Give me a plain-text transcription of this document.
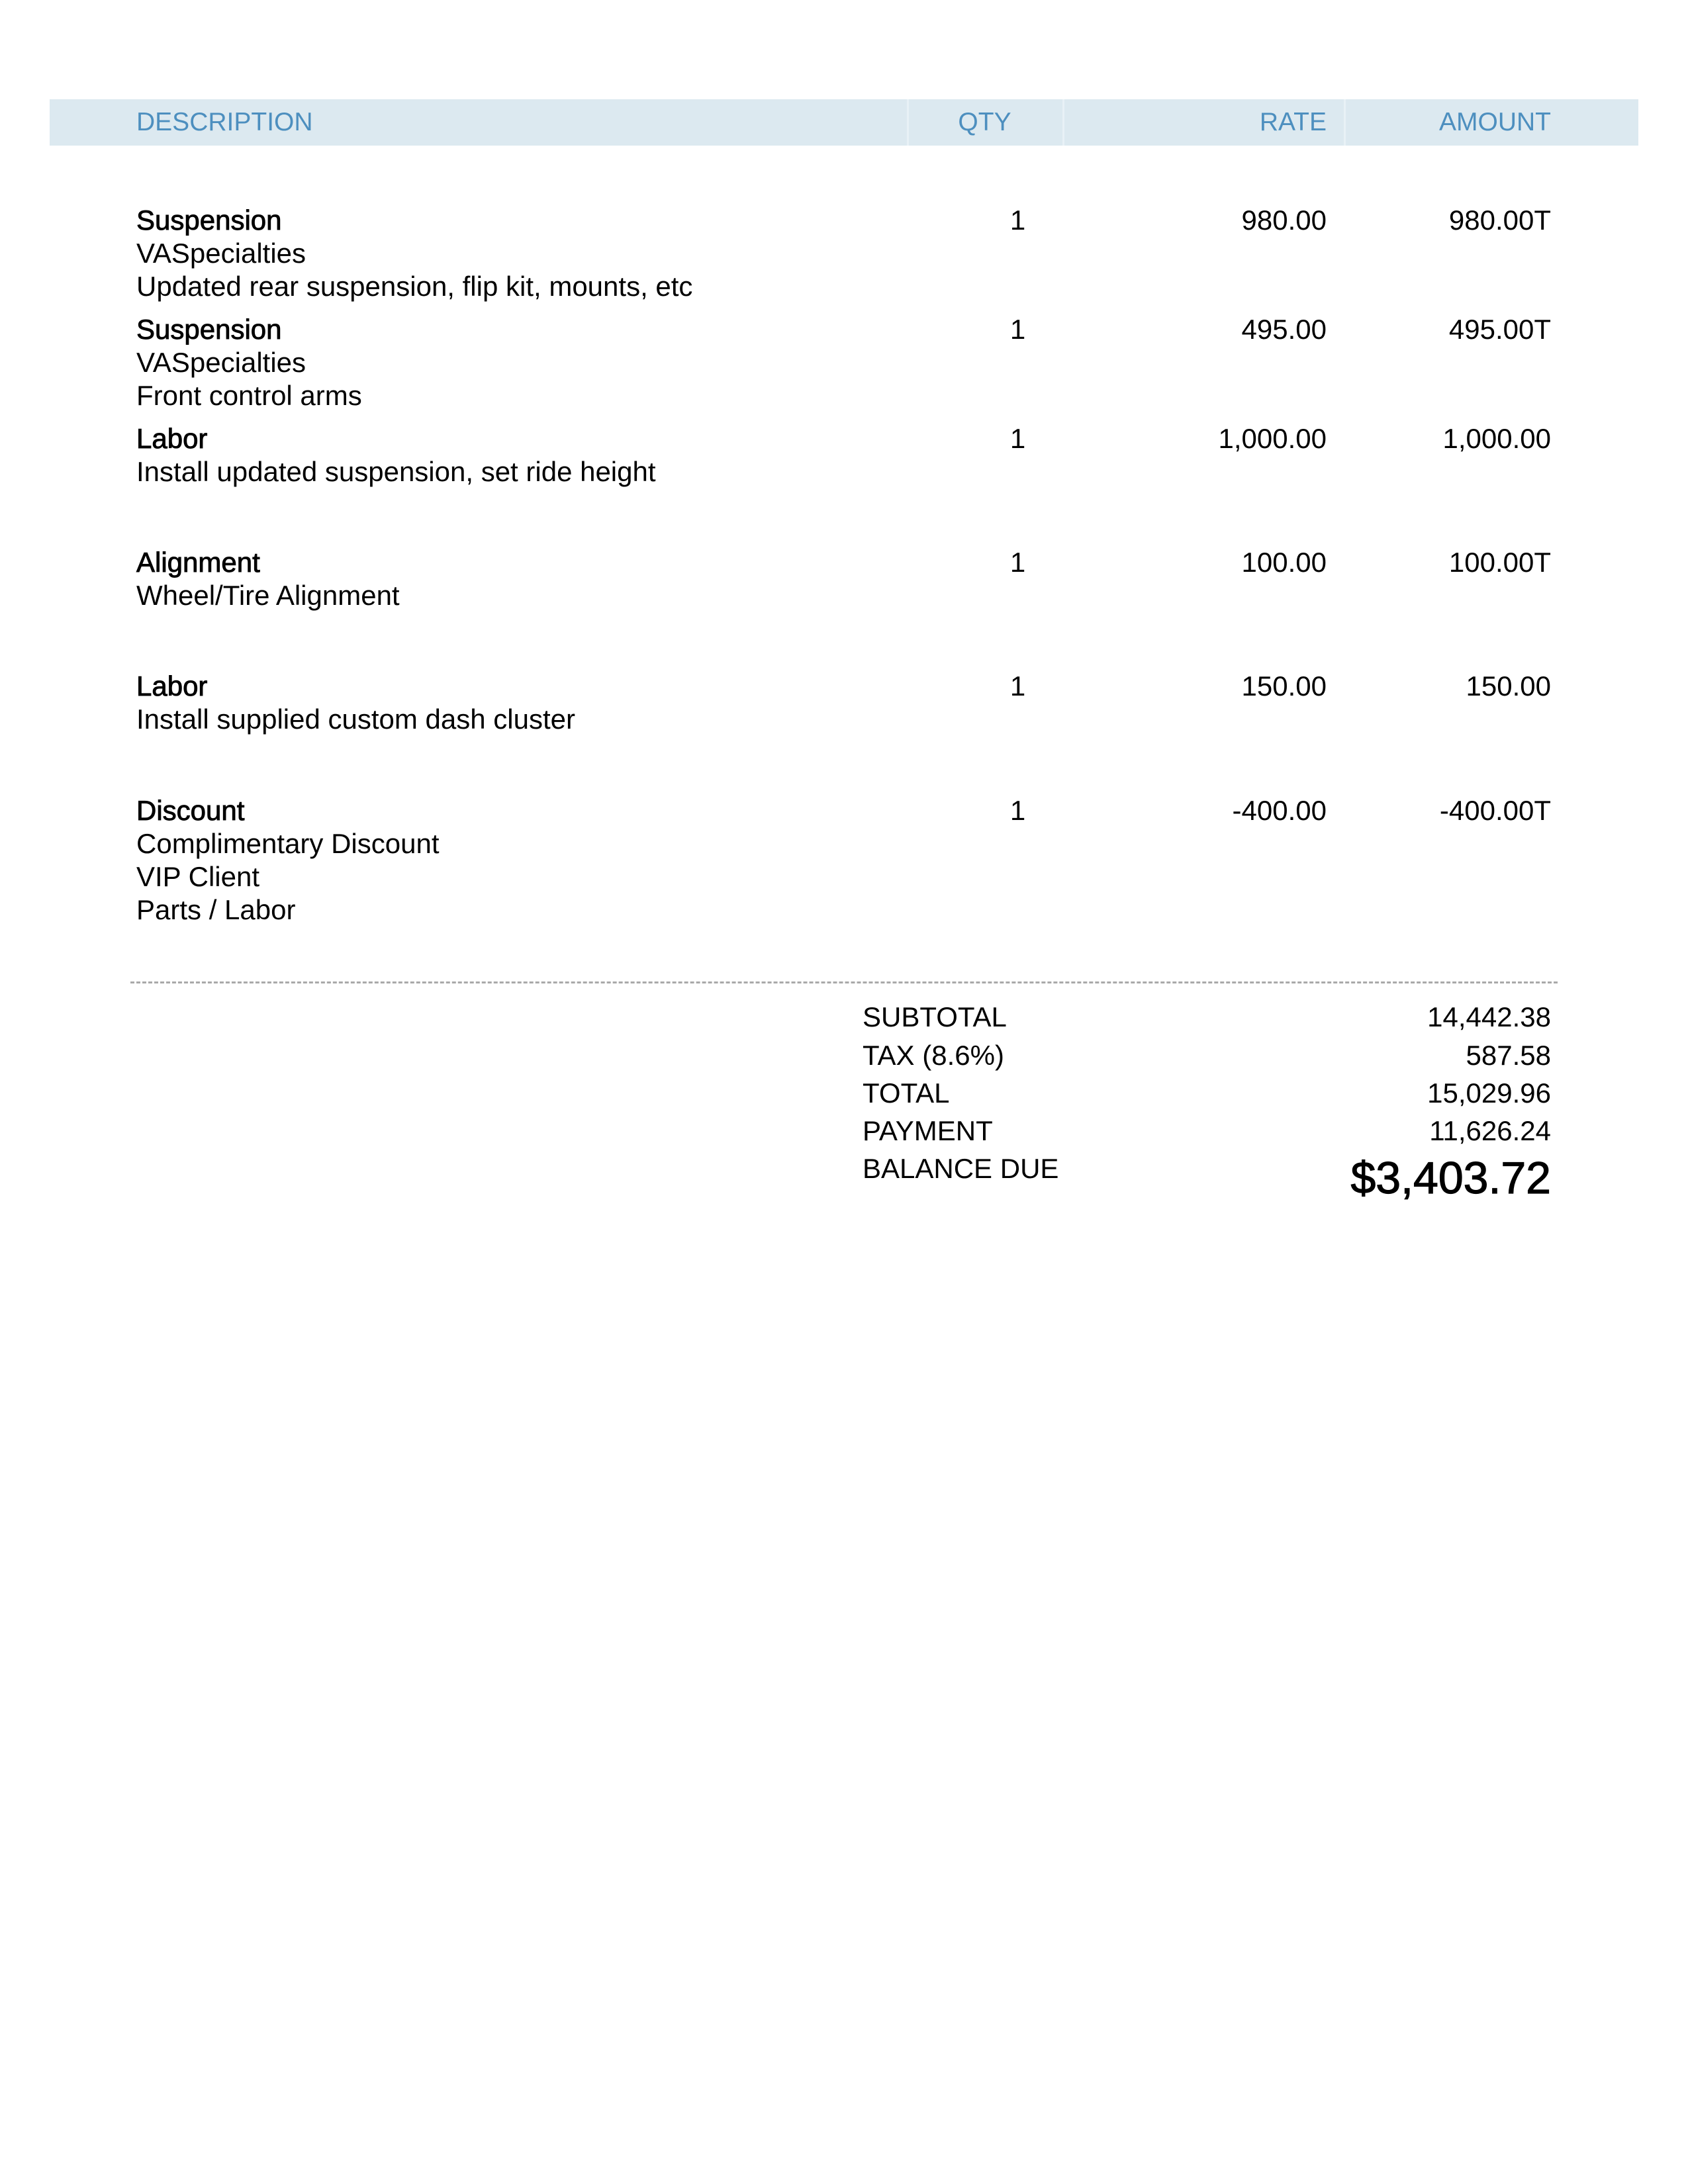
DESCRIPTION	QTY	RATE	AMOUNT
Suspension
VASpecialties
Updated rear suspension, flip kit, mounts, etc
1	980.00	980.00T
Suspension
VASpecialties
Front control arms
1	495.00	495.00T
Labor
Install updated suspension, set ride height
1	1,000.00	1,000.00
Alignment
Wheel/Tire Alignment
1	100.00	100.00T
Labor
Install supplied custom dash cluster
1	150.00	150.00
Discount
Complimentary Discount
VIP Client
Parts / Labor
1	-400.00	-400.00T
SUBTOTAL	14,442.38
TAX (8.6%)	587.58
TOTAL	15,029.96
PAYMENT	11,626.24
BALANCE DUE	$3,403.72
